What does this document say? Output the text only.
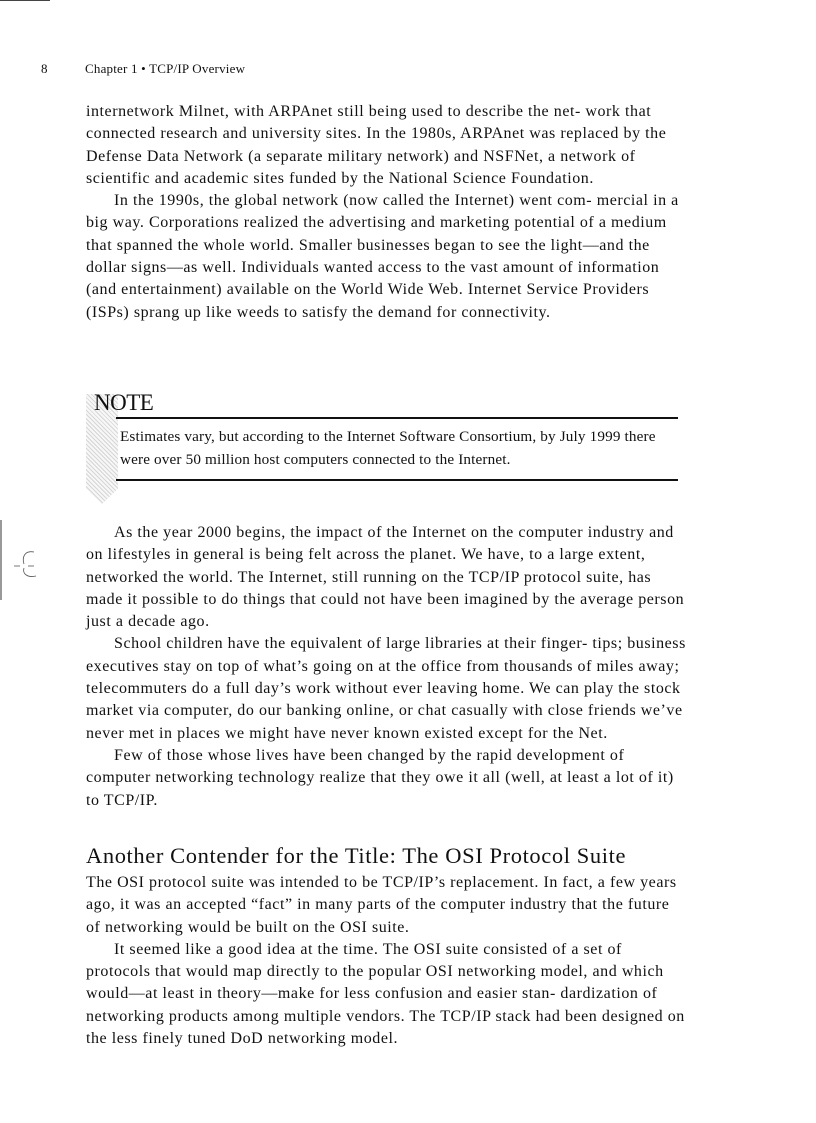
8	Chapter 1 • TCP/IP Overview

internetwork Milnet, with ARPAnet still being used to describe the net- work that connected research and university sites. In the 1980s, ARPAnet was replaced by the Defense Data Network (a separate military network) and NSFNet, a network of scientific and academic sites funded by the National Science Foundation.

In the 1990s, the global network (now called the Internet) went com- mercial in a big way. Corporations realized the advertising and marketing potential of a medium that spanned the whole world. Smaller businesses began to see the light—and the dollar signs—as well. Individuals wanted access to the vast amount of information (and entertainment) available on the World Wide Web. Internet Service Providers (ISPs) sprang up like weeds to satisfy the demand for connectivity.

NOTE
Estimates vary, but according to the Internet Software Consortium, by July 1999 there were over 50 million host computers connected to the Internet.

As the year 2000 begins, the impact of the Internet on the computer industry and on lifestyles in general is being felt across the planet. We have, to a large extent, networked the world. The Internet, still running on the TCP/IP protocol suite, has made it possible to do things that could not have been imagined by the average person just a decade ago.

School children have the equivalent of large libraries at their finger- tips; business executives stay on top of what’s going on at the office from thousands of miles away; telecommuters do a full day’s work without ever leaving home. We can play the stock market via computer, do our banking online, or chat casually with close friends we’ve never met in places we might have never known existed except for the Net.

Few of those whose lives have been changed by the rapid development of computer networking technology realize that they owe it all (well, at least a lot of it) to TCP/IP.

Another Contender for the Title: The OSI Protocol Suite

The OSI protocol suite was intended to be TCP/IP’s replacement. In fact, a few years ago, it was an accepted “fact” in many parts of the computer industry that the future of networking would be built on the OSI suite.

It seemed like a good idea at the time. The OSI suite consisted of a set of protocols that would map directly to the popular OSI networking model, and which would—at least in theory—make for less confusion and easier stan- dardization of networking products among multiple vendors. The TCP/IP stack had been designed on the less finely tuned DoD networking model.
